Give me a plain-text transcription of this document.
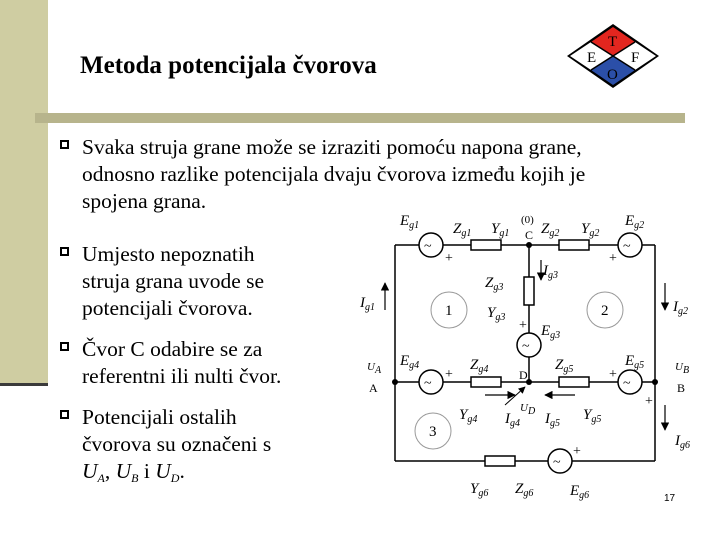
Metoda potencijala čvorova	E
T
F
O
Svaka struja grane može se izraziti pomoću napona grane,
odnosno razlike potencijala dvaju čvorova između kojih je
spojena grana.
Umjesto nepoznatih
struja grana uvode se
potencijali čvorova.
Čvor C odabire se za
referentni ili nulti čvor.
Potencijali ostalih
čvorova su označeni s
$U_A$, $U_B$ i $U_D$.
~	~
~
~	~
~
$E_{g1}$ $Z_{g1}$ $Y_{g1}$
(0)
C $Z_{g2}$ $Y_{g2}$
$E_{g2}$
+	+
$I_{g1}$	$I_{g2}$
$I_{g3}$
$Z_{g3}$
$Y_{g3}$
+ $E_{g3}$
1	2
3
UA
A
$E_{g4}$
+
$Z_{g4}$	D
$Z_{g5}$
$E_{g5}$
+	UB
B
$Y_{g4}$
UD
$I_{g4}$ $I_{g5}$
$Y_{g5}$
+
$I_{g6}$
+
$Y_{g6}$ $Z_{g6}$ $E_{g6}$	17
